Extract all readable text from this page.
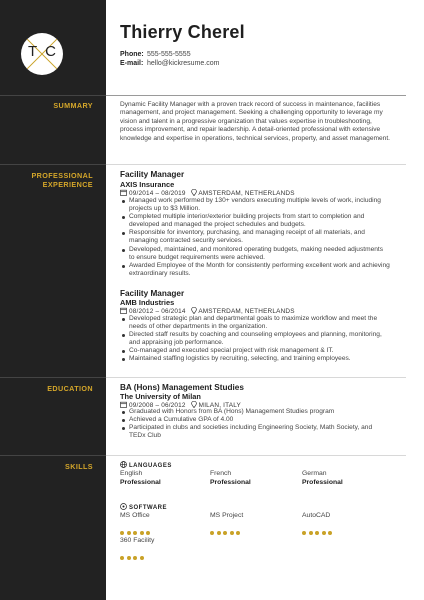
T C
Thierry Cherel
Phone: 555-555-5555
E-mail: hello@kickresume.com
SUMMARY	Dynamic Facility Manager with a proven track record of success in maintenance, facilities management, and project management. Seeking a challenging opportunity to leverage my vision and talent in a progressive organization that values expertise in troubleshooting, process improvement, and repair leadership. A detail-oriented professional with extensive knowledge and expertise in operations, technical services, property, and asset management.
PROFESSIONAL
EXPERIENCE
Facility Manager
AXIS Insurance
09/2014 – 08/2019 AMSTERDAM, NETHERLANDS
Managed work performed by 130+ vendors executing multiple levels of work, including projects up to $3 Million.
Completed multiple interior/exterior building projects from start to completion and developed and managed the project schedules and budgets.
Responsible for inventory, purchasing, and managing receipt of all materials, and managing contracted security services.
Developed, maintained, and monitored operating budgets, making needed adjustments to ensure budget requirements were achieved.
Awarded Employee of the Month for consistently performing excellent work and achieving extraordinary results.
Facility Manager
AMB Industries
08/2012 – 06/2014 AMSTERDAM, NETHERLANDS
Developed strategic plan and departmental goals to maximize workflow and meet the needs of other departments in the organization.
Directed staff results by coaching and counseling employees and planning, monitoring, and appraising job performance.
Co-managed and executed special project with risk management & IT.
Maintained staffing logistics by recruiting, selecting, and training employees.
EDUCATION	BA (Hons) Management Studies
The University of Milan
09/2008 – 06/2012 MILAN, ITALY
Graduated with Honors from BA (Hons) Management Studies program
Achieved a Cumulative GPA of 4.00
Participated in clubs and societies including Engineering Society, Math Society, and TEDx Club
SKILLS	LANGUAGES
English
Professional
French
Professional
German
Professional
SOFTWARE
MS Office	MS Project	AutoCAD
360 Facility
